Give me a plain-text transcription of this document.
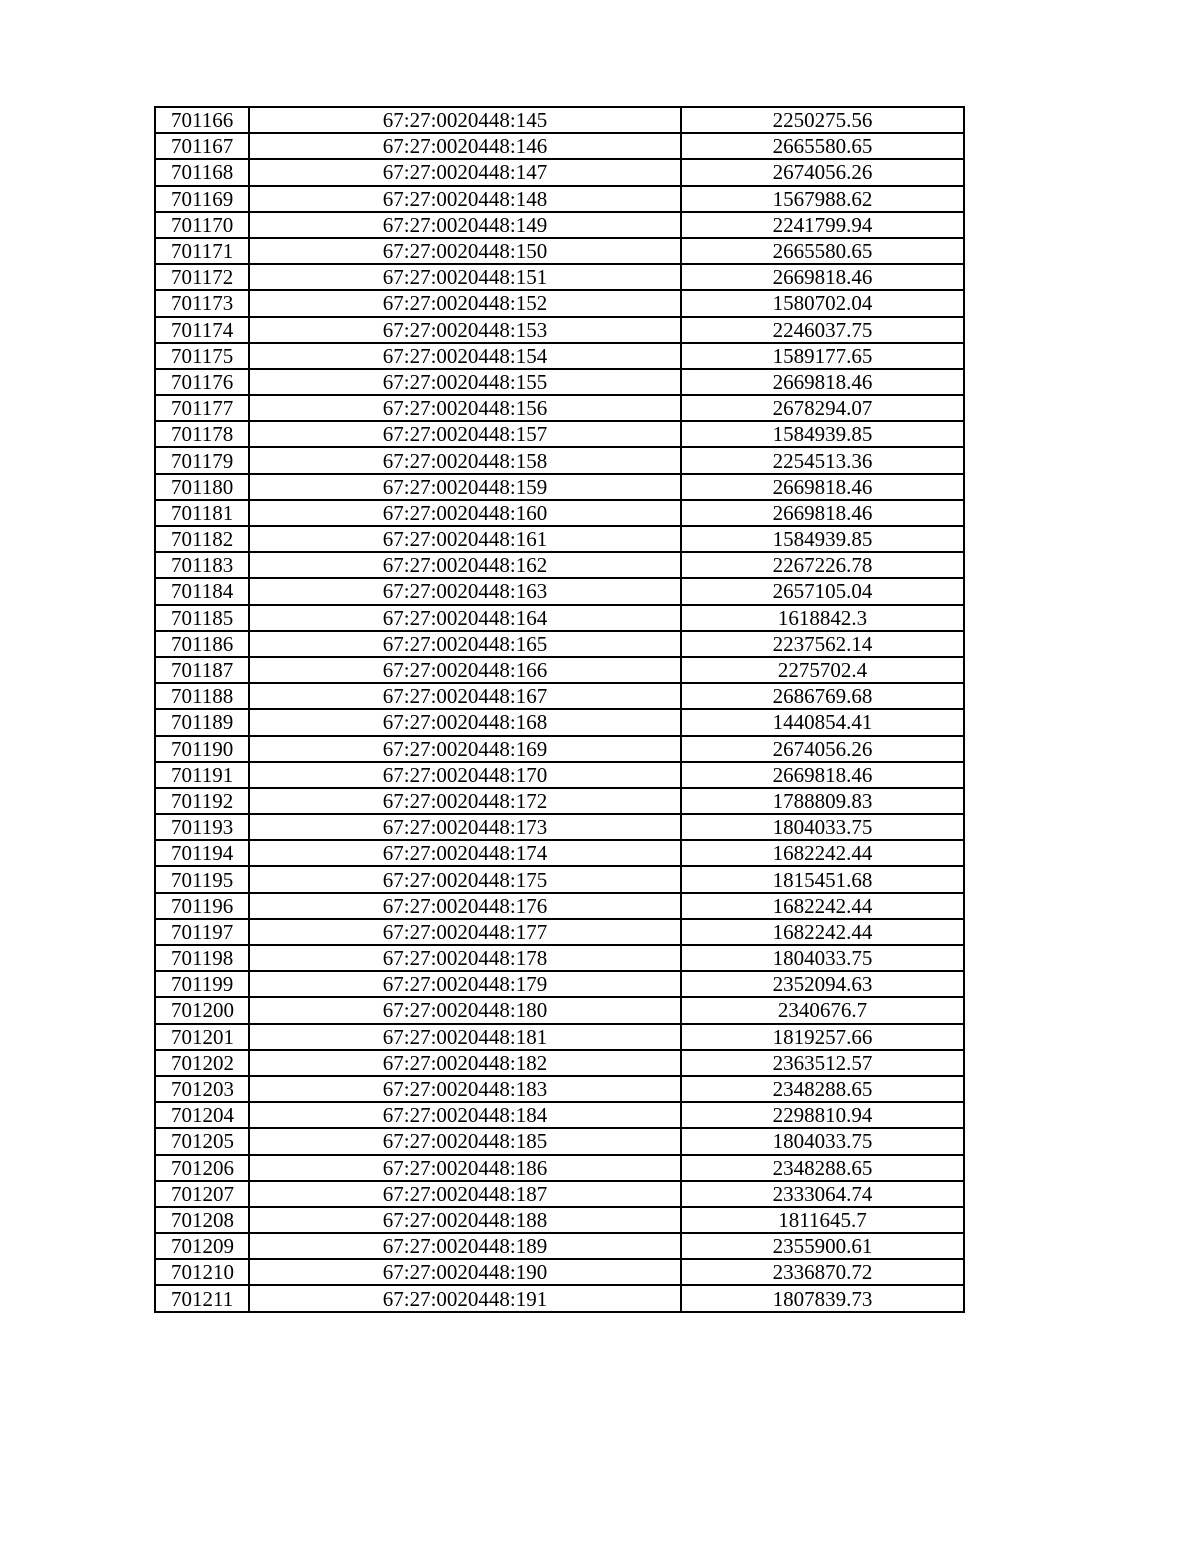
701166	67:27:0020448:145	2250275.56
701167	67:27:0020448:146	2665580.65
701168	67:27:0020448:147	2674056.26
701169	67:27:0020448:148	1567988.62
701170	67:27:0020448:149	2241799.94
701171	67:27:0020448:150	2665580.65
701172	67:27:0020448:151	2669818.46
701173	67:27:0020448:152	1580702.04
701174	67:27:0020448:153	2246037.75
701175	67:27:0020448:154	1589177.65
701176	67:27:0020448:155	2669818.46
701177	67:27:0020448:156	2678294.07
701178	67:27:0020448:157	1584939.85
701179	67:27:0020448:158	2254513.36
701180	67:27:0020448:159	2669818.46
701181	67:27:0020448:160	2669818.46
701182	67:27:0020448:161	1584939.85
701183	67:27:0020448:162	2267226.78
701184	67:27:0020448:163	2657105.04
701185	67:27:0020448:164	1618842.3
701186	67:27:0020448:165	2237562.14
701187	67:27:0020448:166	2275702.4
701188	67:27:0020448:167	2686769.68
701189	67:27:0020448:168	1440854.41
701190	67:27:0020448:169	2674056.26
701191	67:27:0020448:170	2669818.46
701192	67:27:0020448:172	1788809.83
701193	67:27:0020448:173	1804033.75
701194	67:27:0020448:174	1682242.44
701195	67:27:0020448:175	1815451.68
701196	67:27:0020448:176	1682242.44
701197	67:27:0020448:177	1682242.44
701198	67:27:0020448:178	1804033.75
701199	67:27:0020448:179	2352094.63
701200	67:27:0020448:180	2340676.7
701201	67:27:0020448:181	1819257.66
701202	67:27:0020448:182	2363512.57
701203	67:27:0020448:183	2348288.65
701204	67:27:0020448:184	2298810.94
701205	67:27:0020448:185	1804033.75
701206	67:27:0020448:186	2348288.65
701207	67:27:0020448:187	2333064.74
701208	67:27:0020448:188	1811645.7
701209	67:27:0020448:189	2355900.61
701210	67:27:0020448:190	2336870.72
701211	67:27:0020448:191	1807839.73
